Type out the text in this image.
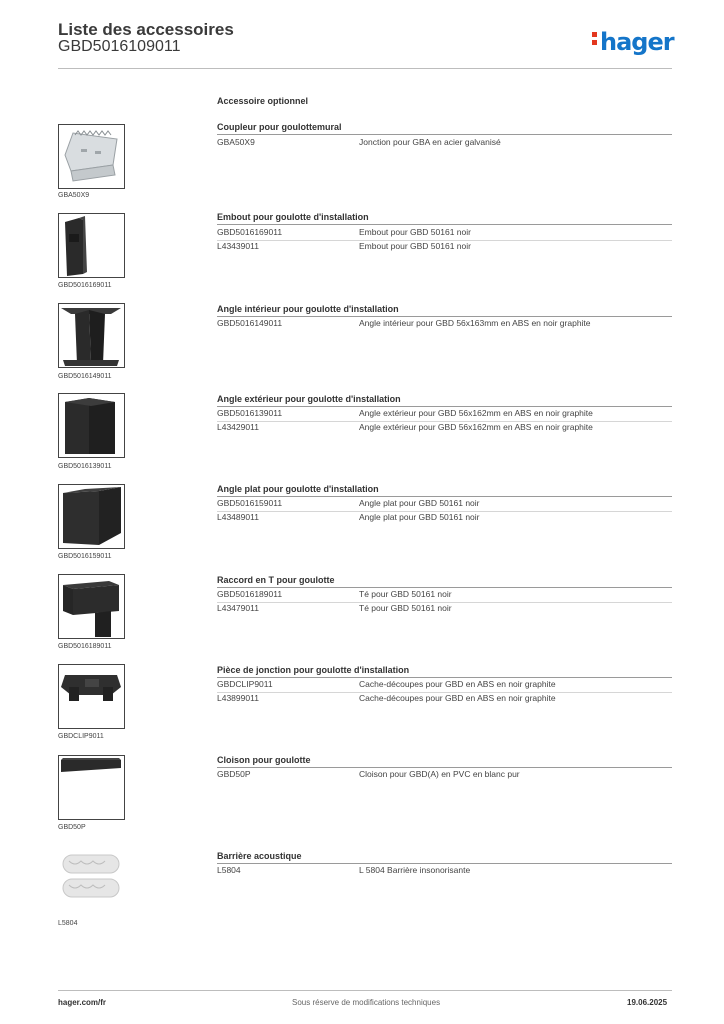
Liste des accessoires
GBD5016109011	hager
Accessoire optionnel
GBA50X9
Coupleur pour goulottemural
GBA50X9	Jonction pour GBA en acier galvanisé
GBD5016169011
Embout pour goulotte d'installation
GBD5016169011	Embout pour GBD 50161 noir
L43439011	Embout pour GBD 50161 noir
GBD5016149011
Angle intérieur pour goulotte d'installation
GBD5016149011	Angle intérieur pour GBD 56x163mm en ABS en noir graphite
GBD5016139011
Angle extérieur pour goulotte d'installation
GBD5016139011	Angle extérieur pour GBD 56x162mm en ABS en noir graphite
L43429011	Angle extérieur pour GBD 56x162mm en ABS en noir graphite
GBD5016159011
Angle plat pour goulotte d'installation
GBD5016159011	Angle plat pour GBD 50161 noir
L43489011	Angle plat pour GBD 50161 noir
GBD5016189011
Raccord en T pour goulotte
GBD5016189011	Té pour GBD 50161 noir
L43479011	Té pour GBD 50161 noir
GBDCLIP9011
Pièce de jonction pour goulotte d'installation
GBDCLIP9011	Cache-découpes pour GBD en ABS en noir graphite
L43899011	Cache-découpes pour GBD en ABS en noir graphite
GBD50P
Cloison pour goulotte
GBD50P	Cloison pour GBD(A) en PVC en blanc pur
L5804
Barrière acoustique
L5804	L 5804 Barrière insonorisante
hager.com/fr	Sous réserve de modifications techniques	19.06.2025
